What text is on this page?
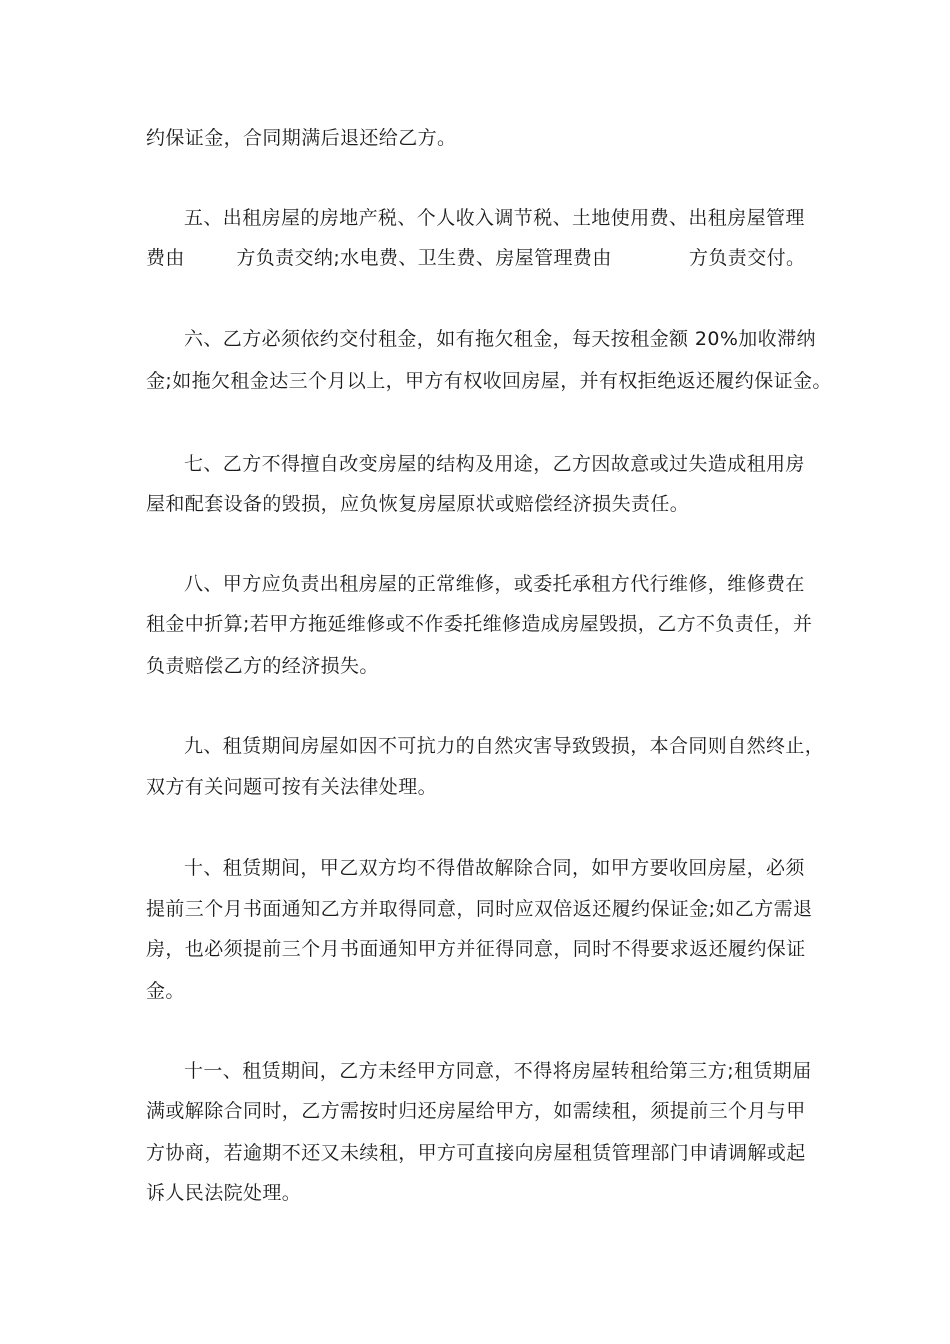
约保证金，合同期满后退还给乙方。
五、出租房屋的房地产税、个人收入调节税、土地使用费、出租房屋管理
费由        方负责交纳;水电费、卫生费、房屋管理费由            方负责交付。
六、乙方必须依约交付租金，如有拖欠租金，每天按租金额 20%加收滞纳
金;如拖欠租金达三个月以上，甲方有权收回房屋，并有权拒绝返还履约保证金。
七、乙方不得擅自改变房屋的结构及用途，乙方因故意或过失造成租用房
屋和配套设备的毁损，应负恢复房屋原状或赔偿经济损失责任。
八、甲方应负责出租房屋的正常维修，或委托承租方代行维修，维修费在
租金中折算;若甲方拖延维修或不作委托维修造成房屋毁损，乙方不负责任，并
负责赔偿乙方的经济损失。
九、租赁期间房屋如因不可抗力的自然灾害导致毁损，本合同则自然终止，
双方有关问题可按有关法律处理。
十、租赁期间，甲乙双方均不得借故解除合同，如甲方要收回房屋，必须
提前三个月书面通知乙方并取得同意，同时应双倍返还履约保证金;如乙方需退
房，也必须提前三个月书面通知甲方并征得同意，同时不得要求返还履约保证
金。
十一、租赁期间，乙方未经甲方同意，不得将房屋转租给第三方;租赁期届
满或解除合同时，乙方需按时归还房屋给甲方，如需续租，须提前三个月与甲
方协商，若逾期不还又未续租，甲方可直接向房屋租赁管理部门申请调解或起
诉人民法院处理。
